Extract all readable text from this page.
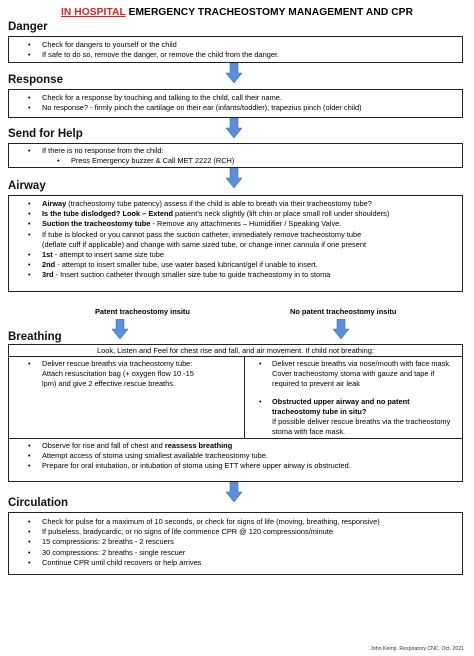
IN HOSPITAL EMERGENCY TRACHEOSTOMY MANAGEMENT AND CPR
Danger
• Check for dangers to yourself or the child
• If safe to do so, remove the danger, or remove the child from the danger.
Response
• Check for a response by touching and talking to the child, call their name.
• No response? - firmly pinch the cartilage on their ear (infants/toddler), trapezius pinch (older child)
Send for Help
• If there is no response from the child:
• Press Emergency buzzer & Call MET 2222 (RCH)
Airway
• Airway (tracheostomy tube patency) assess if the child is able to breath via their tracheostomy tube?
• Is the tube dislodged? Look – Extend patient’s neck slightly (lift chin or place small roll under shoulders)
• Suction the tracheostomy tube - Remove any attachments – Humidifier / Speaking Valve.
• If tube is blocked or you cannot pass the suction catheter, immediately remove tracheostomy tube
(deflate cuff if applicable) and change with same sized tube, or change inner cannula if one present
• 1st - attempt to insert same size tube
• 2nd - attempt to insert smaller tube, use water based lubricant/gel if unable to insert.
• 3rd - Insert suction catheter through smaller size tube to guide tracheostomy in to stoma
Patent tracheostomy insitu	No patent tracheostomy insitu
Breathing
Look, Listen and Feel for chest rise and fall, and air movement. If child not breathing:
• Deliver rescue breaths via tracheostomy tube: Attach resuscitation bag (+ oxygen flow 10 -15 lpm) and give 2 effective rescue breaths.
• Deliver rescue breaths via nose/mouth with face mask. Cover tracheostomy stoma with gauze and tape if required to prevent air leak
• Obstructed upper airway and no patent tracheostomy tube in situ?
If possible deliver rescue breaths via the tracheostomy stoma with face mask.
• Observe for rise and fall of chest and reassess breathing
• Attempt access of stoma using smallest available tracheostomy tube.
• Prepare for oral intubation, or intubation of stoma using ETT where upper airway is obstructed.
Circulation
• Check for pulse for a maximum of 10 seconds, or check for signs of life (moving, breathing, responsive)
• If pulseless, bradycardic, or no signs of life commence CPR @ 120 compressions/minute
• 15 compressions: 2 breaths - 2 rescuers
• 30 compressions: 2 breaths - single rescuer
• Continue CPR until child recovers or help arrives
John Kemp. Respiratory CNC. Oct. 2021
